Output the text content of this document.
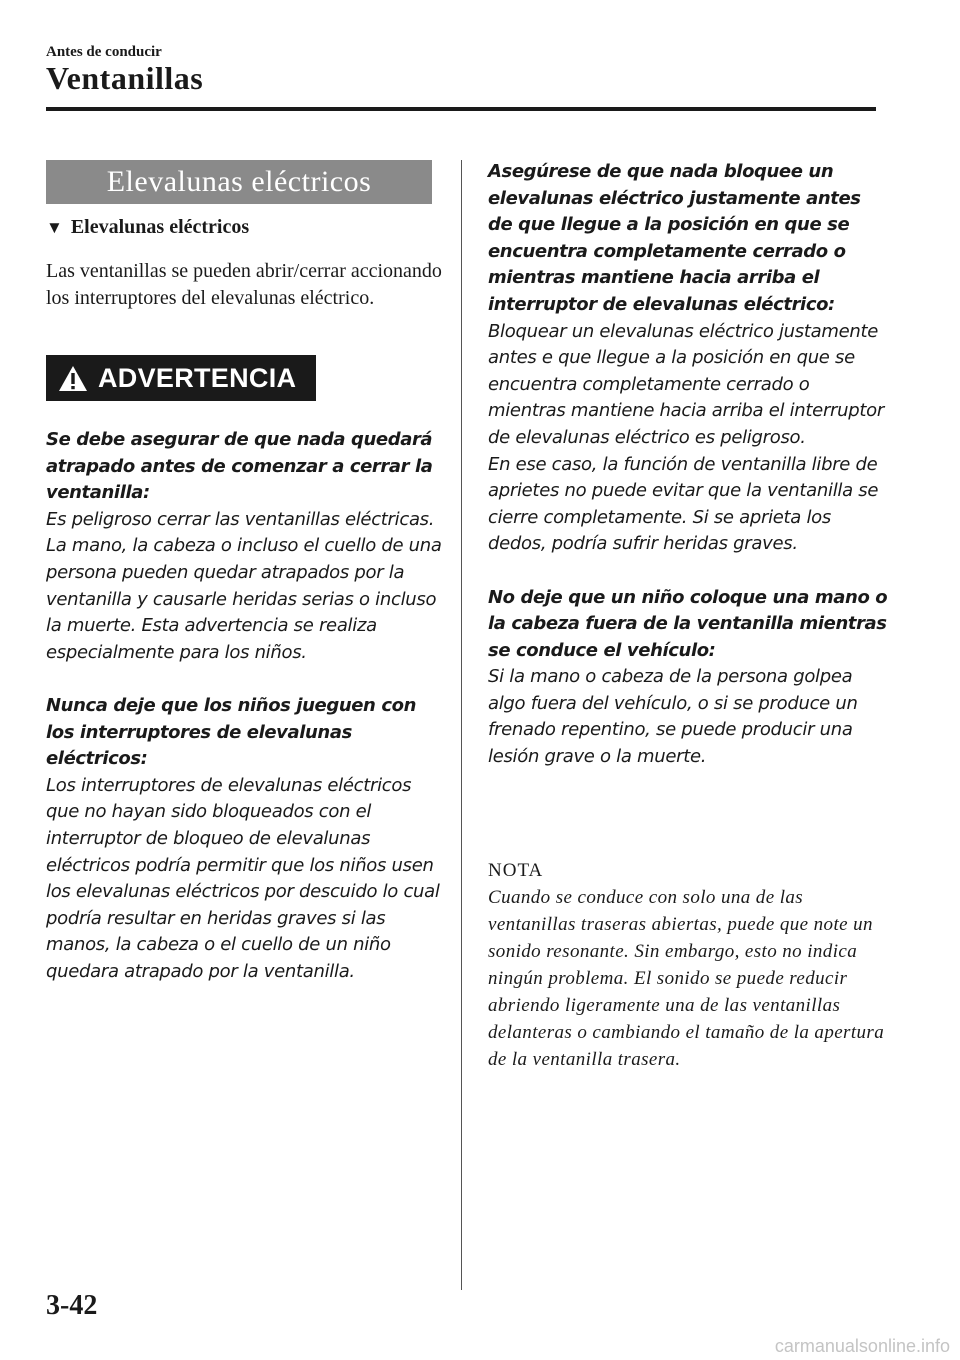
Antes de conducir
Ventanillas
Elevalunas eléctricos
▼ Elevalunas eléctricos
Las ventanillas se pueden abrir/cerrar accionando los interruptores del elevalunas eléctrico.
ADVERTENCIA
Se debe asegurar de que nada quedará atrapado antes de comenzar a cerrar la ventanilla:
Es peligroso cerrar las ventanillas eléctricas. La mano, la cabeza o incluso el cuello de una persona pueden quedar atrapados por la ventanilla y causarle heridas serias o incluso la muerte. Esta advertencia se realiza especialmente para los niños.
Nunca deje que los niños jueguen con los interruptores de elevalunas eléctricos:
Los interruptores de elevalunas eléctricos que no hayan sido bloqueados con el interruptor de bloqueo de elevalunas eléctricos podría permitir que los niños usen los elevalunas eléctricos por descuido lo cual podría resultar en heridas graves si las manos, la cabeza o el cuello de un niño quedara atrapado por la ventanilla.
Asegúrese de que nada bloquee un elevalunas eléctrico justamente antes de que llegue a la posición en que se encuentra completamente cerrado o mientras mantiene hacia arriba el interruptor de elevalunas eléctrico:
Bloquear un elevalunas eléctrico justamente antes e que llegue a la posición en que se encuentra completamente cerrado o mientras mantiene hacia arriba el interruptor de elevalunas eléctrico es peligroso.
En ese caso, la función de ventanilla libre de aprietes no puede evitar que la ventanilla se cierre completamente. Si se aprieta los dedos, podría sufrir heridas graves.
No deje que un niño coloque una mano o la cabeza fuera de la ventanilla mientras se conduce el vehículo:
Si la mano o cabeza de la persona golpea algo fuera del vehículo, o si se produce un frenado repentino, se puede producir una lesión grave o la muerte.
NOTA
Cuando se conduce con solo una de las ventanillas traseras abiertas, puede que note un sonido resonante. Sin embargo, esto no indica ningún problema. El sonido se puede reducir abriendo ligeramente una de las ventanillas delanteras o cambiando el tamaño de la apertura de la ventanilla trasera.
3-42
carmanualsonline.info
